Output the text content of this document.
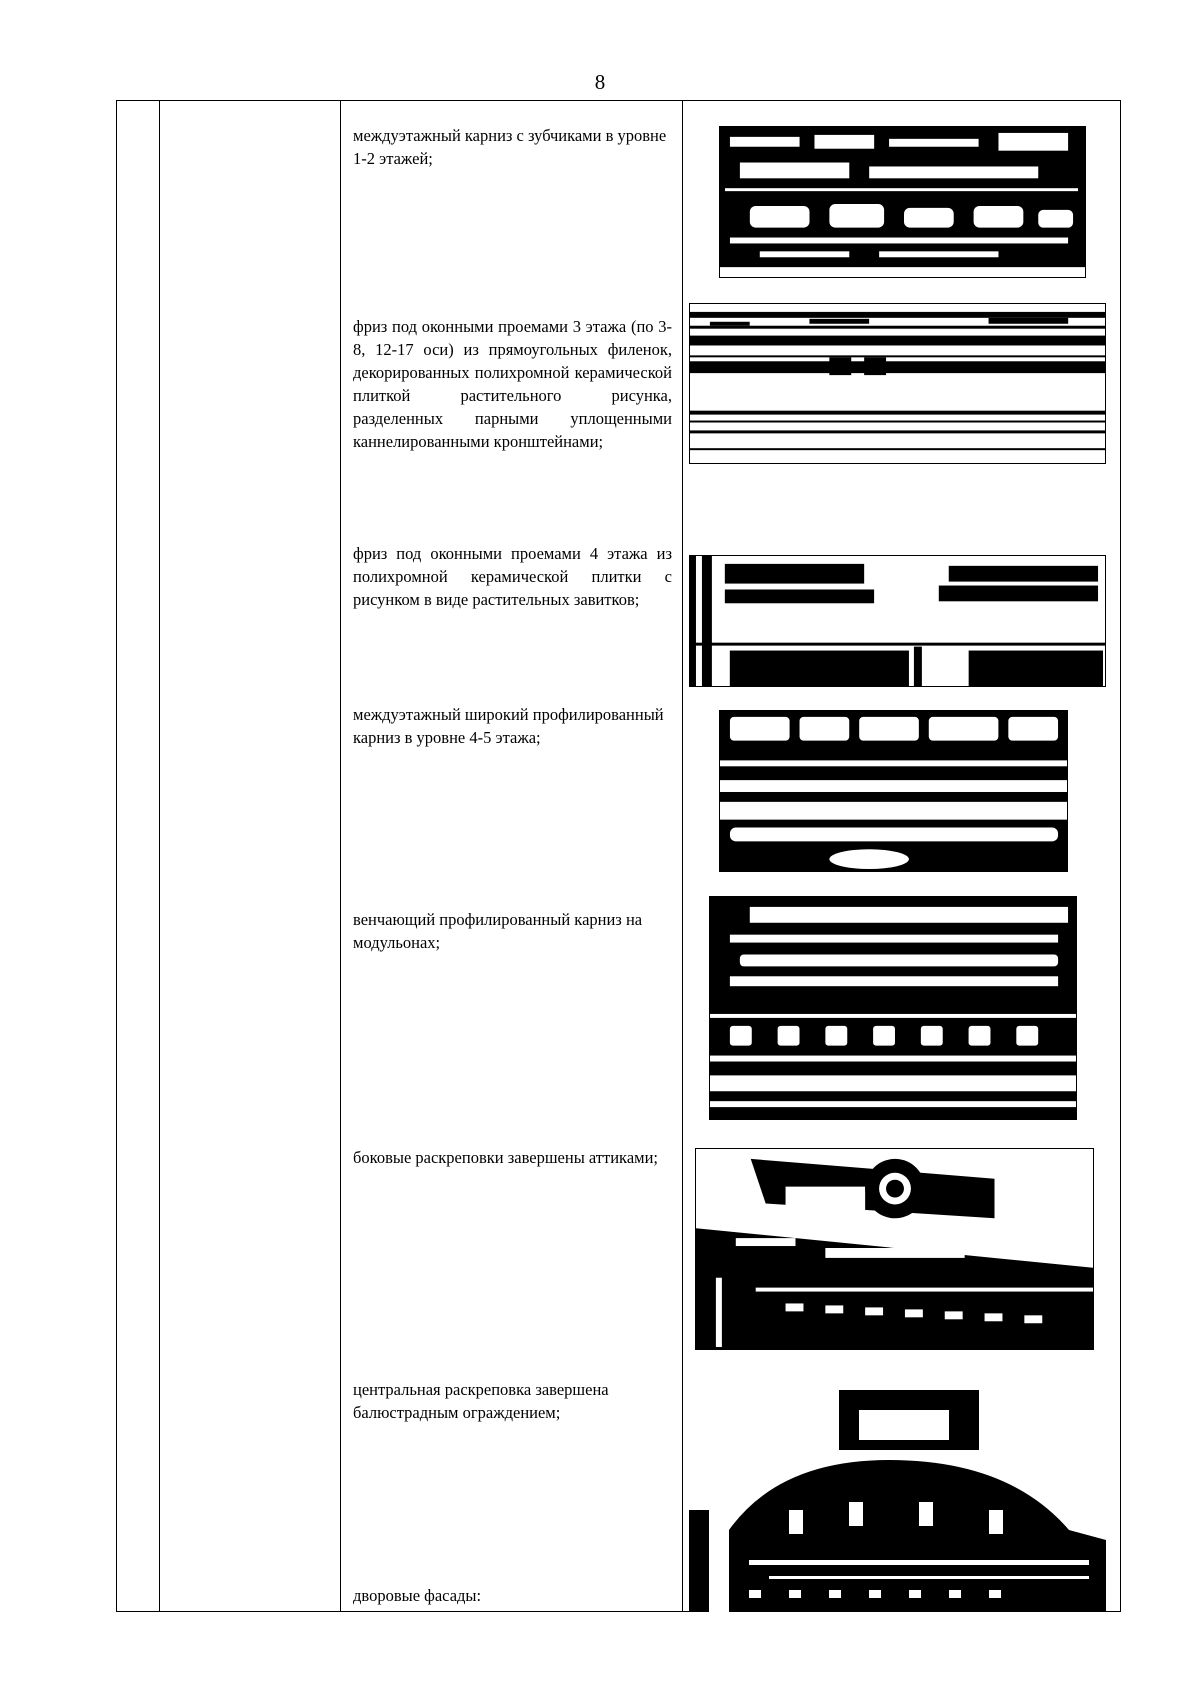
8
междуэтажный карниз с зубчиками в уровне 1-2 этажей;
фриз под оконными проемами 3 этажа (по 3-8, 12-17 оси) из прямоугольных филенок, декорированных полихромной керамической плиткой растительного рисунка, разделенных парными уплощенными каннелированными кронштейнами;
фриз под оконными проемами 4 этажа из полихромной керамической плитки с рисунком в виде растительных завитков;
междуэтажный широкий профилированный карниз в уровне 4-5 этажа;
венчающий профилированный карниз на модульонах;
боковые раскреповки завершены аттиками;
центральная раскреповка завершена балюстрадным ограждением;
дворовые фасады:
